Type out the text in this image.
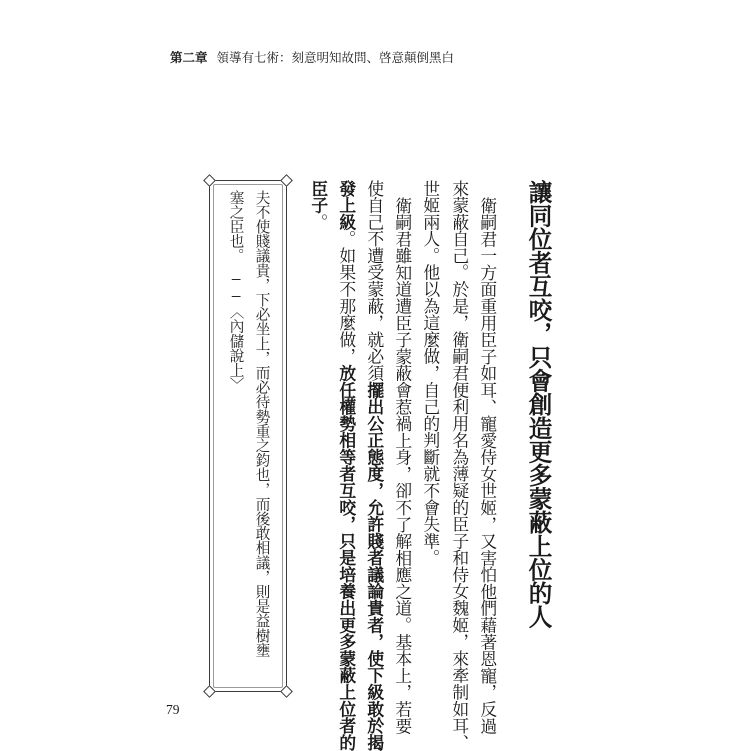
第二章 領導有七術：刻意明知故問、啓意顛倒黑白
讓同位者互咬，只會創造更多蒙蔽上位的人
衛嗣君一方面重用臣子如耳、寵愛侍女世姬，又害怕他們藉著恩寵，反過
來蒙蔽自己。於是，衛嗣君便利用名為薄疑的臣子和侍女魏姬，來牽制如耳、
世姬兩人。他以為這麼做，自己的判斷就不會失準。
衛嗣君雖知道遭臣子蒙蔽會惹禍上身，卻不了解相應之道。基本上，若要
使自己不遭受蒙蔽，就必須擺出公正態度，允許賤者議論貴者，使下級敢於揭
發上級。如果不那麼做，放任權勢相等者互咬，只是培養出更多蒙蔽上位者的
臣子。
夫不使賤議貴，下必坐上，而必待勢重之鈞也，而後敢相議，則是益樹壅
塞之臣也。　——〈內儲說上〉
79
